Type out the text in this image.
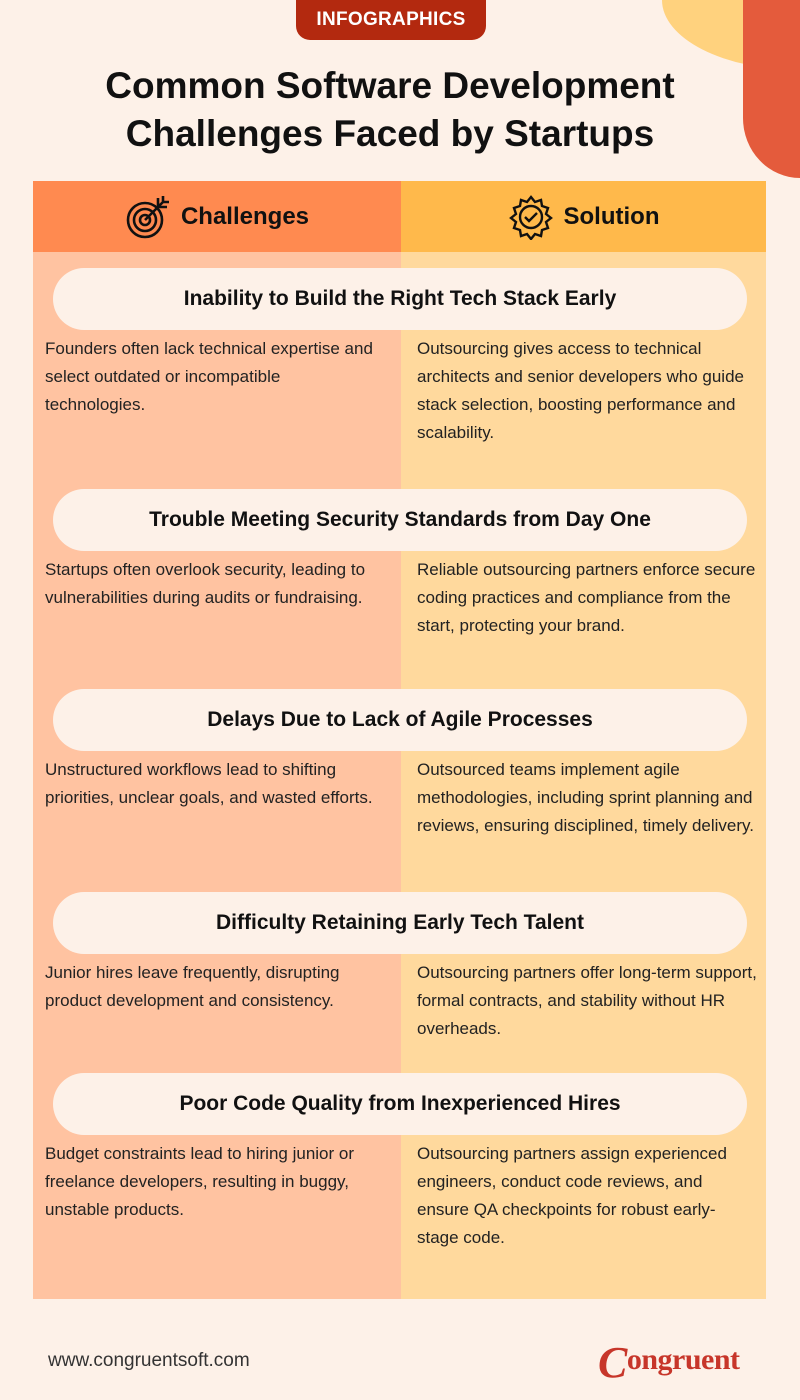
INFOGRAPHICS
Common Software Development
Challenges Faced by Startups
Challenges	Solution
Inability to Build the Right Tech Stack Early
Founders often lack technical expertise and select outdated or incompatible technologies.
Outsourcing gives access to technical architects and senior developers who guide stack selection, boosting performance and scalability.
Trouble Meeting Security Standards from Day One
Startups often overlook security, leading to vulnerabilities during audits or fundraising.
Reliable outsourcing partners enforce secure coding practices and compliance from the start, protecting your brand.
Delays Due to Lack of Agile Processes
Unstructured workflows lead to shifting priorities, unclear goals, and wasted efforts.
Outsourced teams implement agile methodologies, including sprint planning and reviews, ensuring disciplined, timely delivery.
Difficulty Retaining Early Tech Talent
Junior hires leave frequently, disrupting product development and consistency.
Outsourcing partners offer long-term support, formal contracts, and stability without HR overheads.
Poor Code Quality from Inexperienced Hires
Budget constraints lead to hiring junior or freelance developers, resulting in buggy, unstable products.
Outsourcing partners assign experienced engineers, conduct code reviews, and ensure QA checkpoints for robust early-stage code.
www.congruentsoft.com	Congruent
